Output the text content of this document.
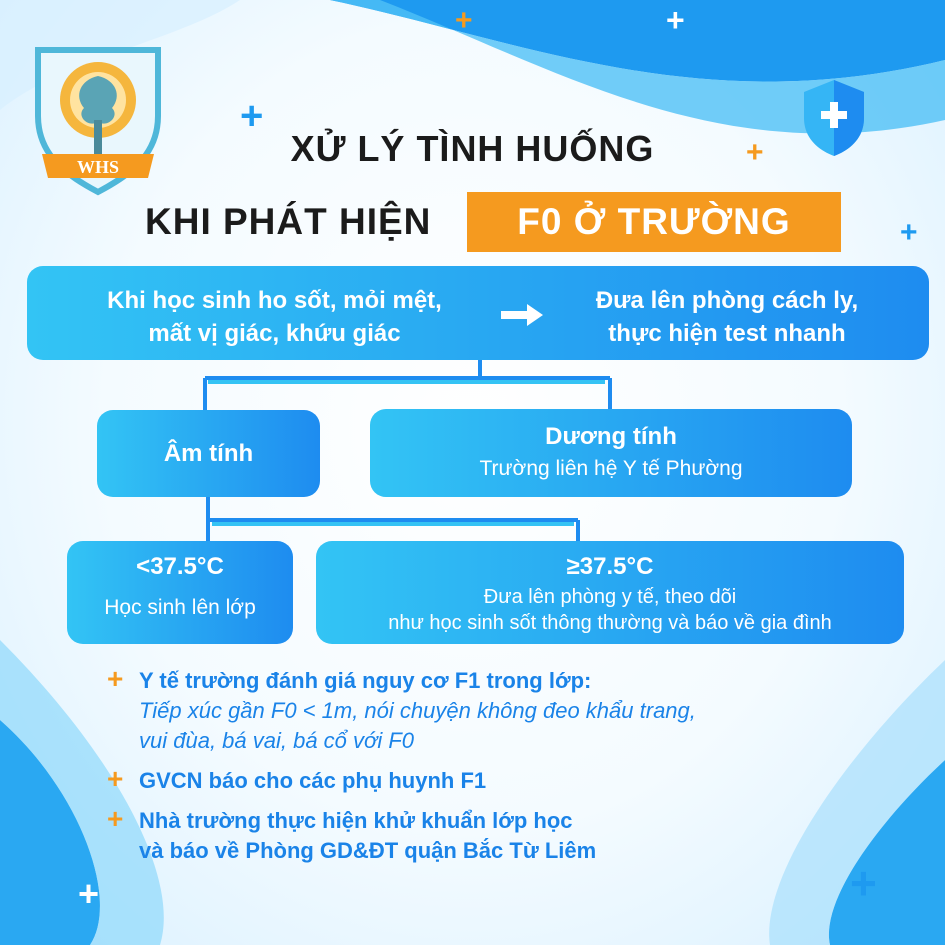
+	+
+
+
+
+	+
WHS	XỬ LÝ TÌNH HUỐNG
KHI PHÁT HIỆN	F0 Ở TRƯỜNG
Khi học sinh ho sốt, mỏi mệt,
mất vị giác, khứu giác
Đưa lên phòng cách ly,
thực hiện test nhanh
Âm tính
Dương tính
Trường liên hệ Y tế Phường
<37.5°C
Học sinh lên lớp
≥37.5°C
Đưa lên phòng y tế, theo dõi
như học sinh sốt thông thường và báo về gia đình
+ Y tế trường đánh giá nguy cơ F1 trong lớp:
Tiếp xúc gần F0 < 1m, nói chuyện không đeo khẩu trang,
vui đùa, bá vai, bá cổ với F0
+ GVCN báo cho các phụ huynh F1
+ Nhà trường thực hiện khử khuẩn lớp học
và báo về Phòng GD&ĐT quận Bắc Từ Liêm
